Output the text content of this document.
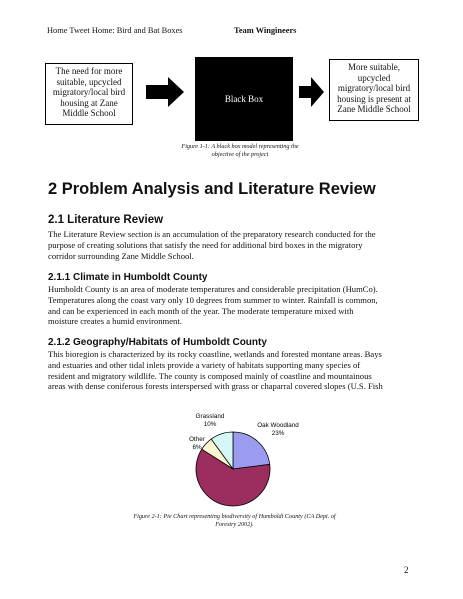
Home Tweet Home: Bird and Bat Boxes	Team Wingineers
The need for more
suitable, upcycled
migratory/local bird
housing at Zane
Middle School
Black Box
More suitable,
upcycled
migratory/local bird
housing is present at
Zane Middle School
Figure 1-1: A black box model representing the
objective of the project
2 Problem Analysis and Literature Review
2.1 Literature Review
The Literature Review section is an accumulation of the preparatory research conducted for the
purpose of creating solutions that satisfy the need for additional bird boxes in the migratory
corridor surrounding Zane Middle School.
2.1.1 Climate in Humboldt County
Humboldt County is an area of moderate temperatures and considerable precipitation (HumCo).
Temperatures along the coast vary only 10 degrees from summer to winter. Rainfall is common,
and can be experienced in each month of the year. The moderate temperature mixed with
moisture creates a humid environment.
2.1.2 Geography/Habitats of Humboldt County
This bioregion is characterized by its rocky coastline, wetlands and forested montane areas. Bays
and estuaries and other tidal inlets provide a variety of habitats supporting many species of
resident and migratory wildlife. The county is composed mainly of coastline and mountainous
areas with dense coniferous forests interspersed with grass or chaparral covered slopes (U.S. Fish
Oak Woodland
23%
Other
6%
Grassland
10%
Figure 2-1: Pie Chart representing biodiversity of Humboldt County (CA Dept. of
Forestry 2002).
2
